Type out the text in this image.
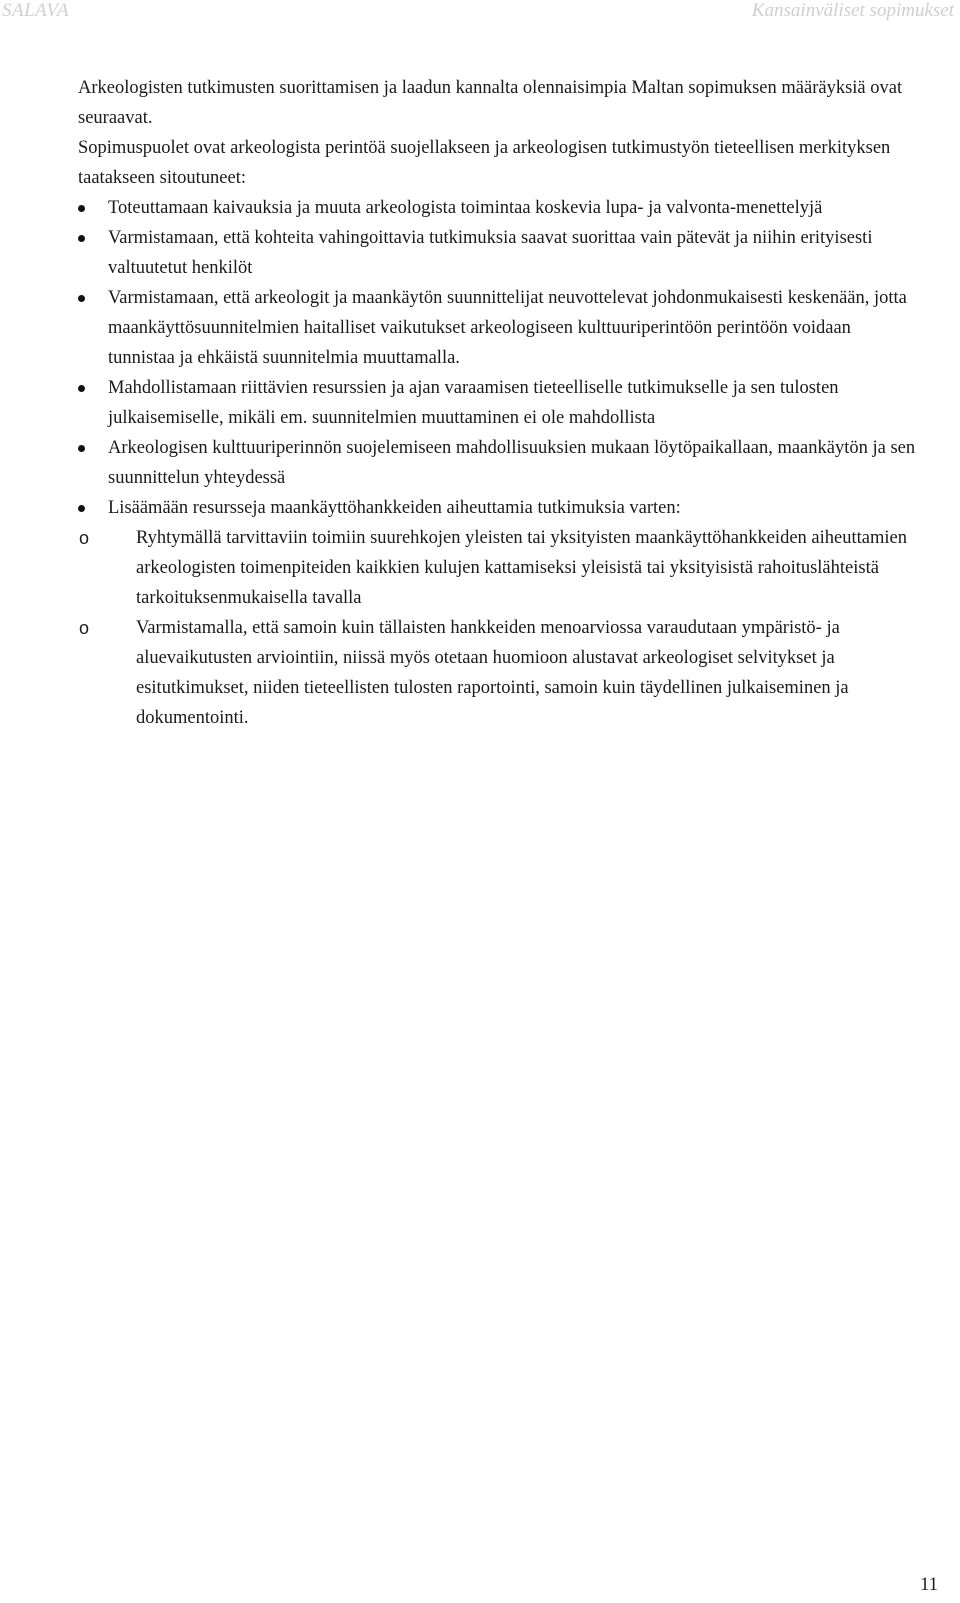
SALAVA	Kansainväliset sopimukset

Arkeologisten tutkimusten suorittamisen ja laadun kannalta olennaisimpia Maltan sopimuksen määräyksiä ovat seuraavat.

Sopimuspuolet ovat arkeologista perintöä suojellakseen ja arkeologisen tutkimustyön tieteellisen merkityksen taatakseen sitoutuneet:

Toteuttamaan kaivauksia ja muuta arkeologista toimintaa koskevia lupa- ja valvonta-menettelyjä
Varmistamaan, että kohteita vahingoittavia tutkimuksia saavat suorittaa vain pätevät ja niihin erityisesti valtuutetut henkilöt
Varmistamaan, että arkeologit ja maankäytön suunnittelijat neuvottelevat johdonmukaisesti keskenään, jotta maankäyttösuunnitelmien haitalliset vaikutukset arkeologiseen kulttuuriperintöön perintöön voidaan tunnistaa ja ehkäistä suunnitelmia muuttamalla.
Mahdollistamaan riittävien resurssien ja ajan varaamisen tieteelliselle tutkimukselle ja sen tulosten julkaisemiselle, mikäli em. suunnitelmien muuttaminen ei ole mahdollista
Arkeologisen kulttuuriperinnön suojelemiseen mahdollisuuksien mukaan löytöpaikallaan, maankäytön ja sen suunnittelun yhteydessä
Lisäämään resursseja maankäyttöhankkeiden aiheuttamia tutkimuksia varten:
o	Ryhtymällä tarvittaviin toimiin suurehkojen yleisten tai yksityisten maankäyttöhankkeiden aiheuttamien arkeologisten toimenpiteiden kaikkien kulujen kattamiseksi yleisistä tai yksityisistä rahoituslähteistä tarkoituksenmukaisella tavalla
o	Varmistamalla, että samoin kuin tällaisten hankkeiden menoarviossa varaudutaan ympäristö- ja aluevaikutusten arviointiin, niissä myös otetaan huomioon alustavat arkeologiset selvitykset ja esitutkimukset, niiden tieteellisten tulosten raportointi, samoin kuin täydellinen julkaiseminen ja dokumentointi.
11
